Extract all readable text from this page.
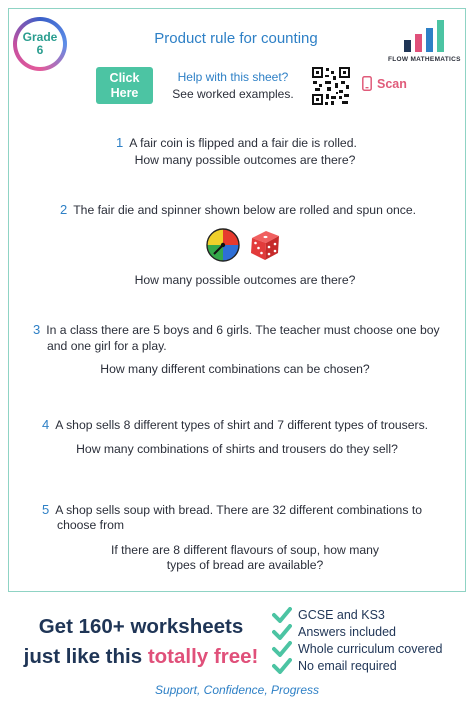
Grade
6
Product rule for counting
FLOW MATHEMATICS
Click
Here
Help with this sheet?
See worked examples.
Scan
1 A fair coin is flipped and a fair die is rolled.
How many possible outcomes are there?
2 The fair die and spinner shown below are rolled and spun once.
How many possible outcomes are there?
3 In a class there are 5 boys and 6 girls. The teacher must choose one boy
and one girl for a play.
How many different combinations can be chosen?
4 A shop sells 8 different types of shirt and 7 different types of trousers.
How many combinations of shirts and trousers do they sell?
5 A shop sells soup with bread. There are 32 different combinations to
choose from
If there are 8 different flavours of soup, how many
types of bread are available?
Get 160+ worksheets
just like this totally free!
GCSE and KS3
Answers included
Whole curriculum covered
No email required
Support, Confidence, Progress
